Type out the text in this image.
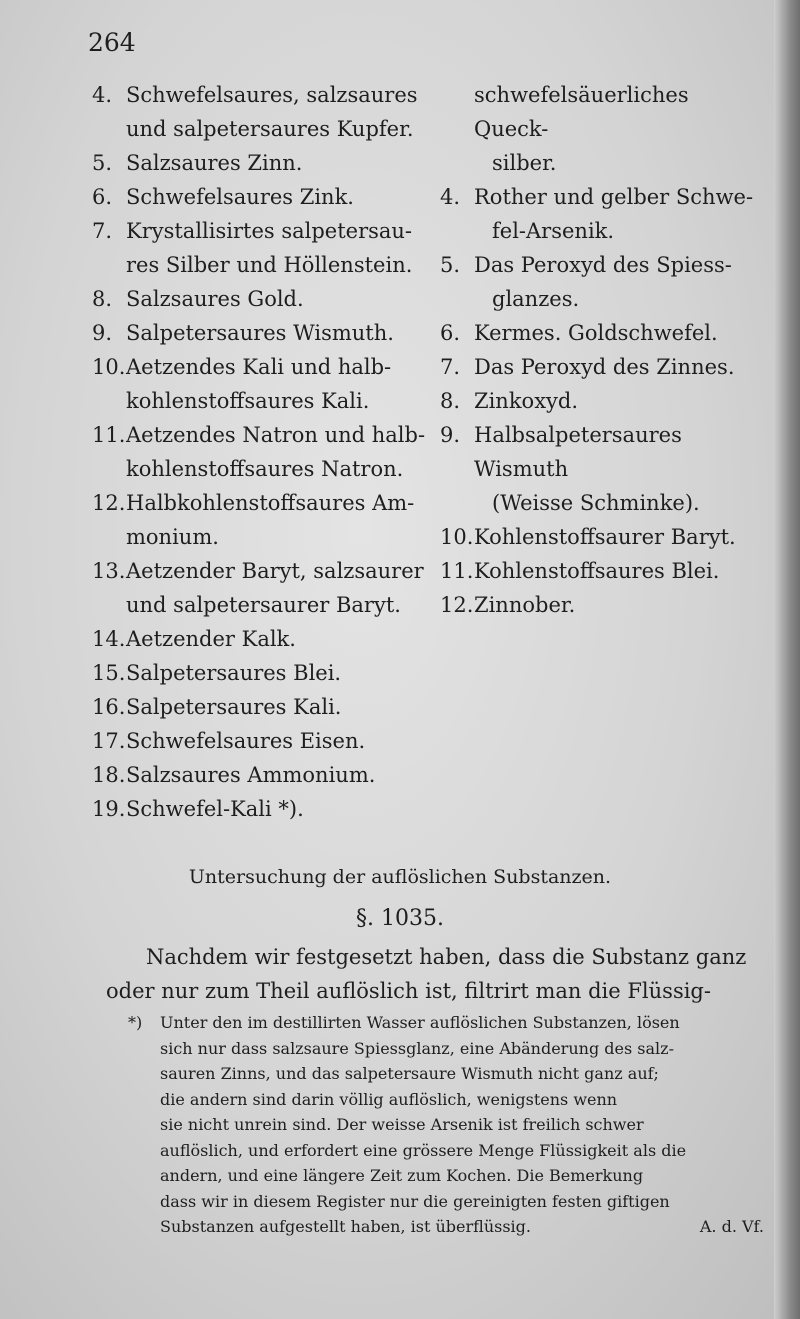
264
4. Schwefelsaures, salzsaures
und salpetersaures Kupfer.
5. Salzsaures Zinn.
6. Schwefelsaures Zink.
7. Krystallisirtes salpetersau-
res Silber und Höllenstein.
8. Salzsaures Gold.
9. Salpetersaures Wismuth.
10. Aetzendes Kali und halb-
kohlenstoffsaures Kali.
11. Aetzendes Natron und halb-
kohlenstoffsaures Natron.
12. Halbkohlenstoffsaures Am-
monium.
13. Aetzender Baryt, salzsaurer
und salpetersaurer Baryt.
14. Aetzender Kalk.
15. Salpetersaures Blei.
16. Salpetersaures Kali.
17. Schwefelsaures Eisen.
18. Salzsaures Ammonium.
19. Schwefel-Kali *).
schwefelsäuerliches Queck-
silber.
4. Rother und gelber Schwe-
fel-Arsenik.
5. Das Peroxyd des Spiess-
glanzes.
6. Kermes. Goldschwefel.
7. Das Peroxyd des Zinnes.
8. Zinkoxyd.
9. Halbsalpetersaures Wismuth
(Weisse Schminke).
10. Kohlenstoffsaurer Baryt.
11. Kohlenstoffsaures Blei.
12. Zinnober.
Untersuchung der auflöslichen Substanzen.
§. 1035.
Nachdem wir festgesetzt haben, dass die Substanz ganz
oder nur zum Theil auflöslich ist, filtrirt man die Flüssig-
*)	Unter den im destillirten Wasser auflöslichen Substanzen, lösen
sich nur dass salzsaure Spiessglanz, eine Abänderung des salz-
sauren Zinns, und das salpetersaure Wismuth nicht ganz auf;
die andern sind darin völlig auflöslich, wenigstens wenn
sie nicht unrein sind. Der weisse Arsenik ist freilich schwer
auflöslich, und erfordert eine grössere Menge Flüssigkeit als die
andern, und eine längere Zeit zum Kochen. Die Bemerkung
dass wir in diesem Register nur die gereinigten festen giftigen
Substanzen aufgestellt haben, ist überflüssig.	A. d. Vf.
